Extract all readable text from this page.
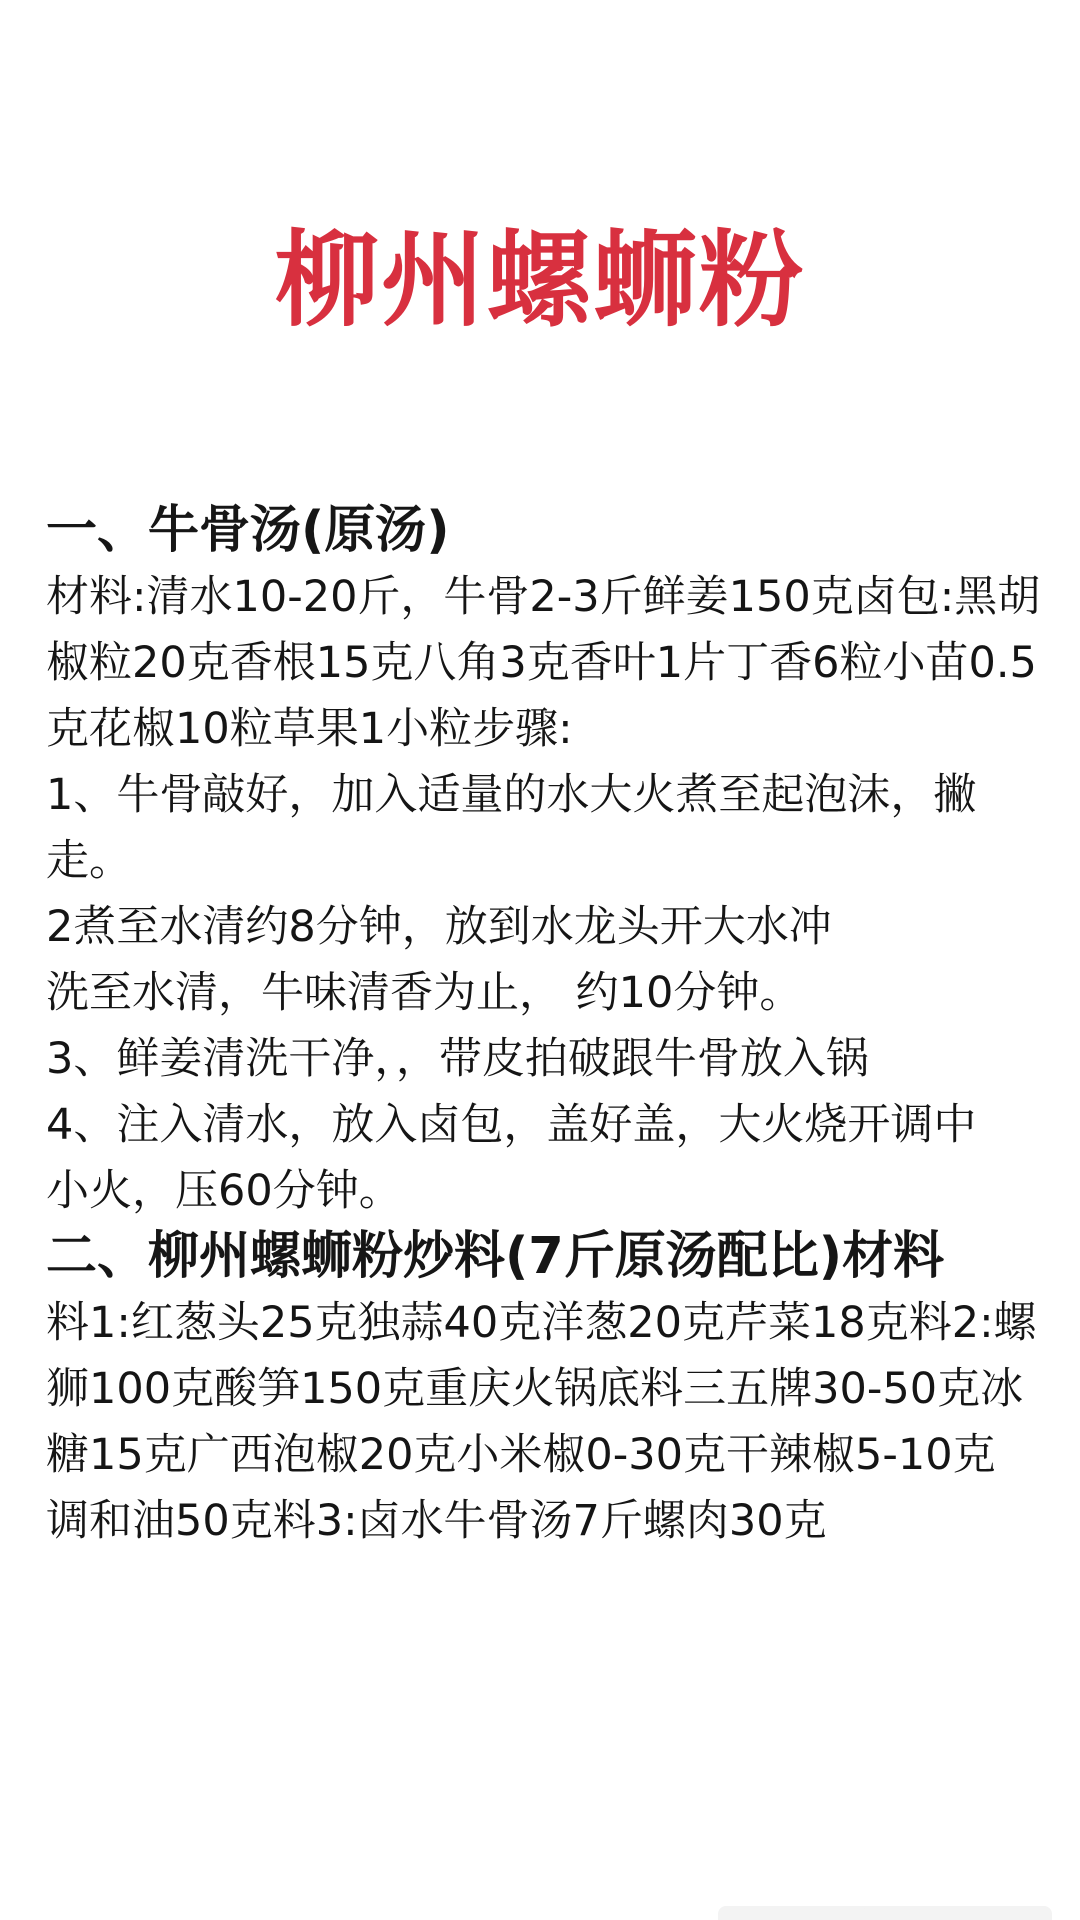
柳州螺蛳粉
一、牛骨汤(原汤)

材料:清水10-20斤，牛骨2-3斤鲜姜150克卤包:黑胡

椒粒20克香根15克八角3克香叶1片丁香6粒小苗0.5

克花椒10粒草果1小粒步骤:

1、牛骨敲好，加入适量的水大火煮至起泡沫，撇

走。

2煮至水清约8分钟，放到水龙头开大水冲

洗至水清，牛味清香为止， 约10分钟。

3、鲜姜清洗干净，，带皮拍破跟牛骨放入锅

4、注入清水，放入卤包，盖好盖，大火烧开调中

小火，压60分钟。

二、柳州螺蛳粉炒料(7斤原汤配比)材料

料1:红葱头25克独蒜40克洋葱20克芹菜18克料2:螺

狮100克酸笋150克重庆火锅底料三五牌30-50克冰

糖15克广西泡椒20克小米椒0-30克干辣椒5-10克

调和油50克料3:卤水牛骨汤7斤螺肉30克
